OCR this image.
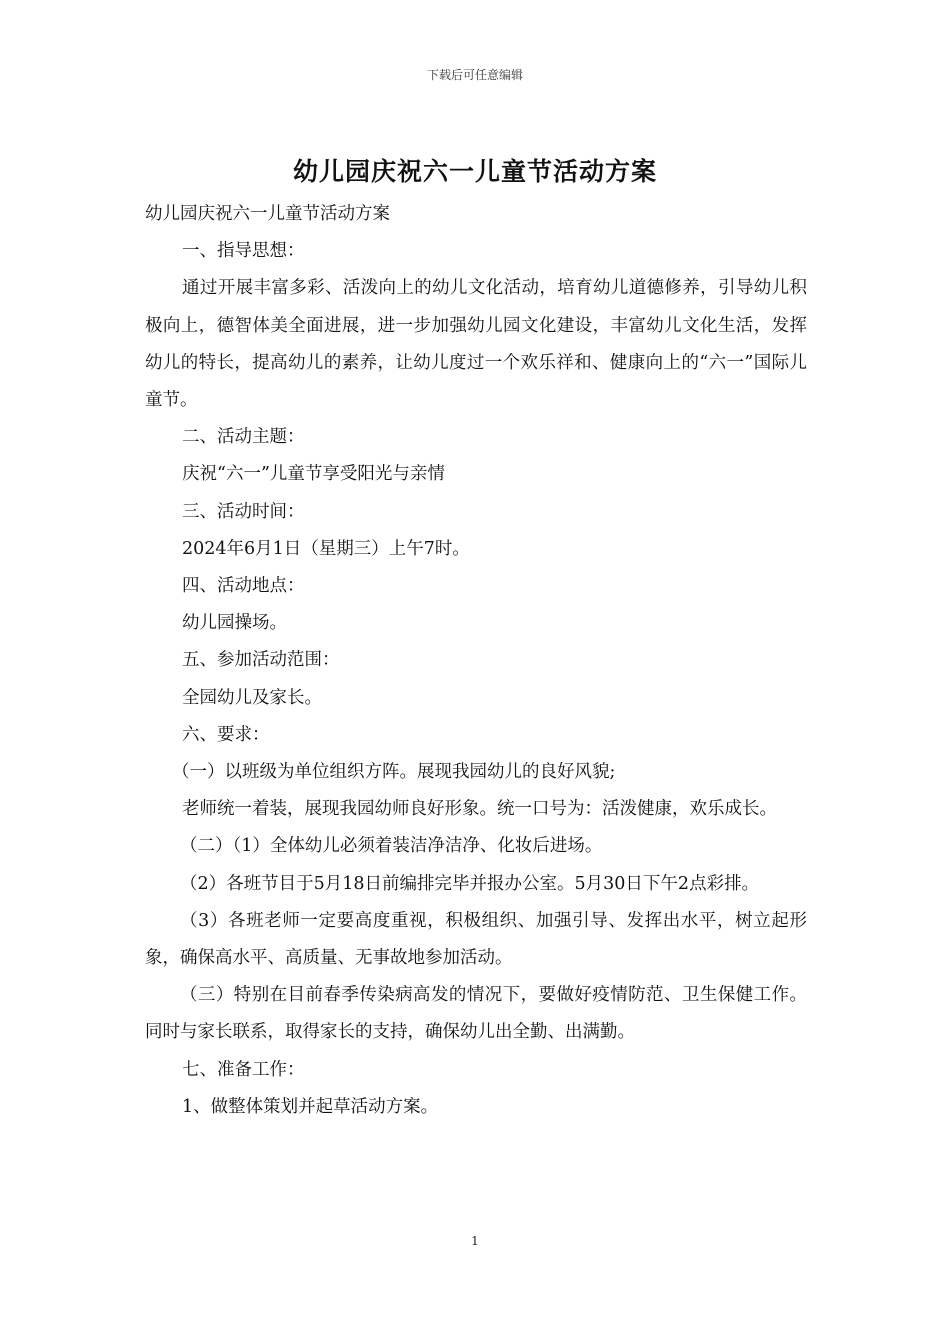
下载后可任意编辑
幼儿园庆祝六一儿童节活动方案

幼儿园庆祝六一儿童节活动方案

一、指导思想：

通过开展丰富多彩、活泼向上的幼儿文化活动，培育幼儿道德修养，引导幼儿积极向上，德智体美全面进展，进一步加强幼儿园文化建设，丰富幼儿文化生活，发挥幼儿的特长，提高幼儿的素养，让幼儿度过一个欢乐祥和、健康向上的“六一”国际儿童节。

二、活动主题：

庆祝“六一”儿童节享受阳光与亲情

三、活动时间：

2024年6月1日（星期三）上午7时。

四、活动地点：

幼儿园操场。

五、参加活动范围：

全园幼儿及家长。

六、要求：

（一）以班级为单位组织方阵。展现我园幼儿的良好风貌;

老师统一着装，展现我园幼师良好形象。统一口号为：活泼健康，欢乐成长。

（二）（1）全体幼儿必须着装洁净洁净、化妆后进场。

（2）各班节目于5月18日前编排完毕并报办公室。5月30日下午2点彩排。

（3）各班老师一定要高度重视，积极组织、加强引导、发挥出水平，树立起形象，确保高水平、高质量、无事故地参加活动。

（三）特别在目前春季传染病高发的情况下，要做好疫情防范、卫生保健工作。同时与家长联系，取得家长的支持，确保幼儿出全勤、出满勤。

七、准备工作：

1、做整体策划并起草活动方案。

1
